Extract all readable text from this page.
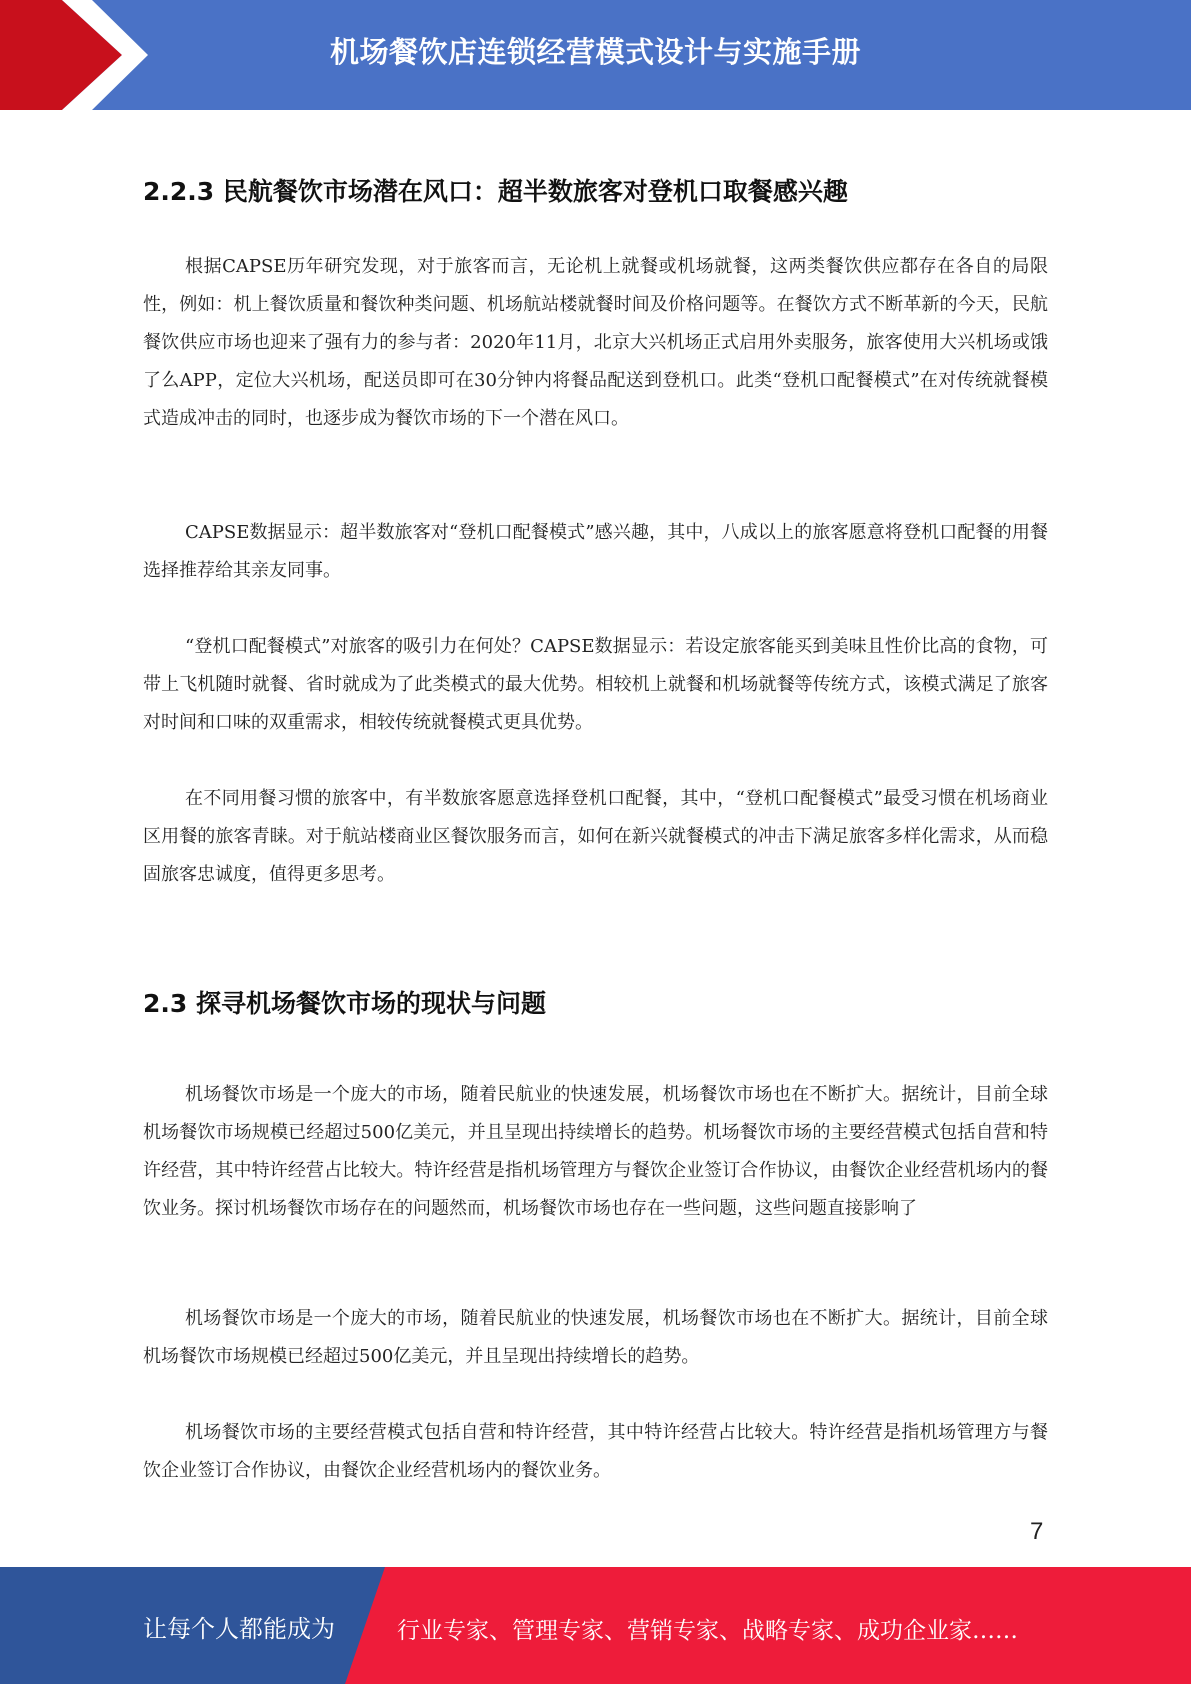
机场餐饮店连锁经营模式设计与实施手册
2.2.3 民航餐饮市场潜在风口：超半数旅客对登机口取餐感兴趣

根据CAPSE历年研究发现，对于旅客而言，无论机上就餐或机场就餐，这两类餐饮供应都存在各自的局限性，例如：机上餐饮质量和餐饮种类问题、机场航站楼就餐时间及价格问题等。在餐饮方式不断革新的今天，民航餐饮供应市场也迎来了强有力的参与者：2020年11月，北京大兴机场正式启用外卖服务，旅客使用大兴机场或饿了么APP，定位大兴机场，配送员即可在30分钟内将餐品配送到登机口。此类“登机口配餐模式”在对传统就餐模式造成冲击的同时，也逐步成为餐饮市场的下一个潜在风口。

CAPSE数据显示：超半数旅客对“登机口配餐模式”感兴趣，其中，八成以上的旅客愿意将登机口配餐的用餐选择推荐给其亲友同事。

“登机口配餐模式”对旅客的吸引力在何处？CAPSE数据显示：若设定旅客能买到美味且性价比高的食物，可带上飞机随时就餐、省时就成为了此类模式的最大优势。相较机上就餐和机场就餐等传统方式，该模式满足了旅客对时间和口味的双重需求，相较传统就餐模式更具优势。

在不同用餐习惯的旅客中，有半数旅客愿意选择登机口配餐，其中，“登机口配餐模式”最受习惯在机场商业区用餐的旅客青睐。对于航站楼商业区餐饮服务而言，如何在新兴就餐模式的冲击下满足旅客多样化需求，从而稳固旅客忠诚度，值得更多思考。

2.3 探寻机场餐饮市场的现状与问题

机场餐饮市场是一个庞大的市场，随着民航业的快速发展，机场餐饮市场也在不断扩大。据统计，目前全球机场餐饮市场规模已经超过500亿美元，并且呈现出持续增长的趋势。机场餐饮市场的主要经营模式包括自营和特许经营，其中特许经营占比较大。特许经营是指机场管理方与餐饮企业签订合作协议，由餐饮企业经营机场内的餐饮业务。探讨机场餐饮市场存在的问题然而，机场餐饮市场也存在一些问题，这些问题直接影响了

机场餐饮市场是一个庞大的市场，随着民航业的快速发展，机场餐饮市场也在不断扩大。据统计，目前全球机场餐饮市场规模已经超过500亿美元，并且呈现出持续增长的趋势。

机场餐饮市场的主要经营模式包括自营和特许经营，其中特许经营占比较大。特许经营是指机场管理方与餐饮企业签订合作协议，由餐饮企业经营机场内的餐饮业务。

7
让每个人都能成为	行业专家、管理专家、营销专家、战略专家、成功企业家……
